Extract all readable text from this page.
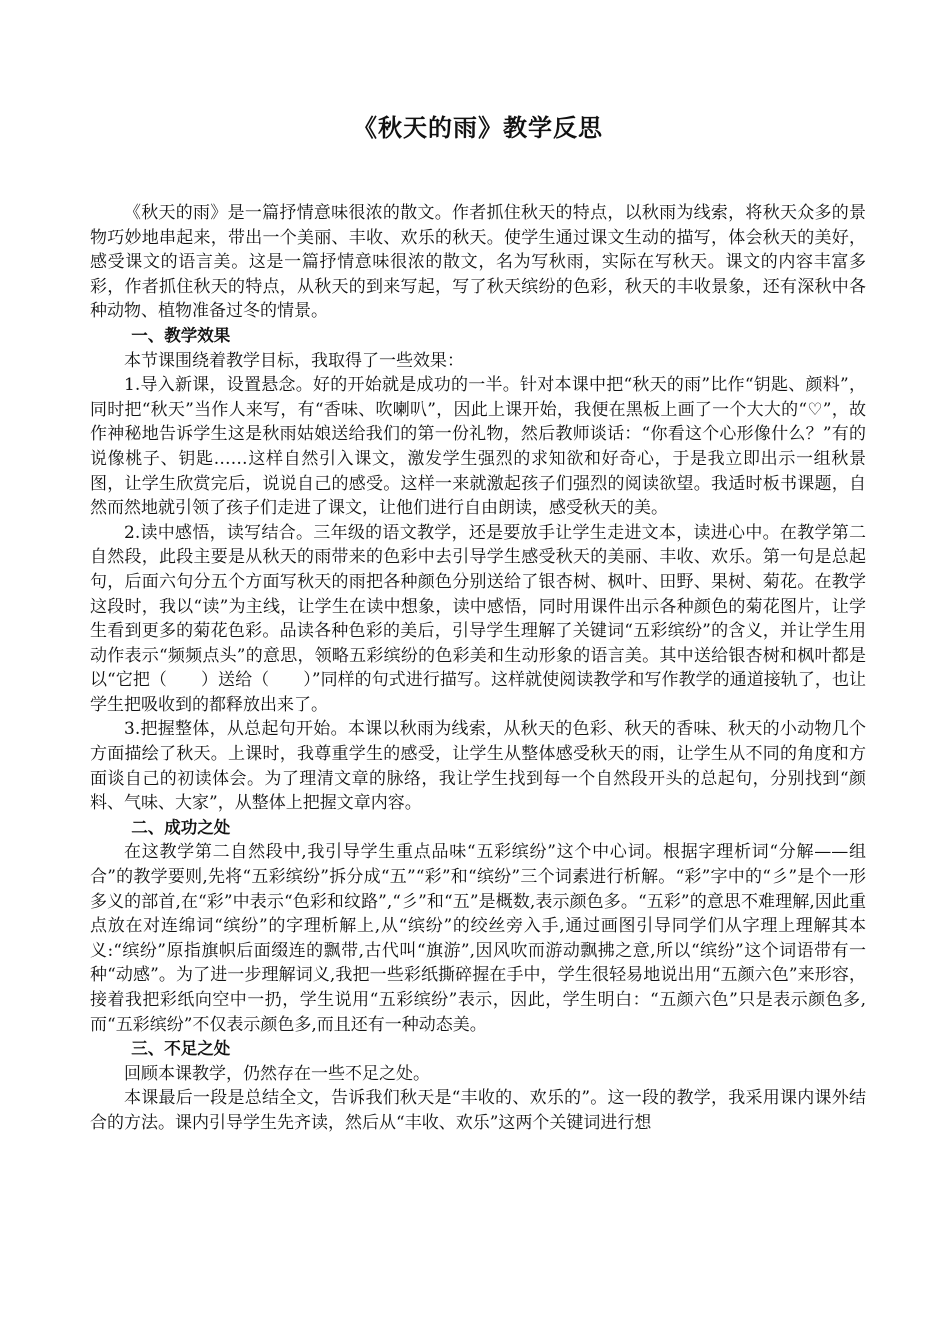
《秋天的雨》教学反思

《秋天的雨》是一篇抒情意味很浓的散文。作者抓住秋天的特点，以秋雨为线索，将秋天众多的景物巧妙地串起来，带出一个美丽、丰收、欢乐的秋天。使学生通过课文生动的描写，体会秋天的美好，感受课文的语言美。这是一篇抒情意味很浓的散文，名为写秋雨，实际在写秋天。课文的内容丰富多彩，作者抓住秋天的特点，从秋天的到来写起，写了秋天缤纷的色彩，秋天的丰收景象，还有深秋中各种动物、植物准备过冬的情景。

一、教学效果

本节课围绕着教学目标，我取得了一些效果：

1.导入新课，设置悬念。好的开始就是成功的一半。针对本课中把“秋天的雨”比作“钥匙、颜料”，同时把“秋天”当作人来写，有“香味、吹喇叭”，因此上课开始，我便在黑板上画了一个大大的“♡”，故作神秘地告诉学生这是秋雨姑娘送给我们的第一份礼物，然后教师谈话：“你看这个心形像什么？”有的说像桃子、钥匙……这样自然引入课文，激发学生强烈的求知欲和好奇心，于是我立即出示一组秋景图，让学生欣赏完后，说说自己的感受。这样一来就激起孩子们强烈的阅读欲望。我适时板书课题，自然而然地就引领了孩子们走进了课文，让他们进行自由朗读，感受秋天的美。

2.读中感悟，读写结合。三年级的语文教学，还是要放手让学生走进文本，读进心中。在教学第二自然段，此段主要是从秋天的雨带来的色彩中去引导学生感受秋天的美丽、丰收、欢乐。第一句是总起句，后面六句分五个方面写秋天的雨把各种颜色分别送给了银杏树、枫叶、田野、果树、菊花。在教学这段时，我以“读”为主线，让学生在读中想象，读中感悟，同时用课件出示各种颜色的菊花图片，让学生看到更多的菊花色彩。品读各种色彩的美后，引导学生理解了关键词“五彩缤纷”的含义，并让学生用动作表示“频频点头”的意思，领略五彩缤纷的色彩美和生动形象的语言美。其中送给银杏树和枫叶都是以“它把（　　）送给（　　）”同样的句式进行描写。这样就使阅读教学和写作教学的通道接轨了，也让学生把吸收到的都释放出来了。

3.把握整体，从总起句开始。本课以秋雨为线索，从秋天的色彩、秋天的香味、秋天的小动物几个方面描绘了秋天。上课时，我尊重学生的感受，让学生从整体感受秋天的雨，让学生从不同的角度和方面谈自己的初读体会。为了理清文章的脉络，我让学生找到每一个自然段开头的总起句，分别找到“颜料、气味、大家”，从整体上把握文章内容。

二、成功之处

在这教学第二自然段中,我引导学生重点品味“五彩缤纷”这个中心词。根据字理析词“分解——组合”的教学要则,先将“五彩缤纷”拆分成“五”“彩”和“缤纷”三个词素进行析解。“彩”字中的“彡”是个一形多义的部首,在“彩”中表示“色彩和纹路”,“彡”和“五”是概数,表示颜色多。“五彩”的意思不难理解,因此重点放在对连绵词“缤纷”的字理析解上,从“缤纷”的绞丝旁入手,通过画图引导同学们从字理上理解其本义:“缤纷”原指旗帜后面缀连的飘带,古代叫“旗游”,因风吹而游动飘拂之意,所以“缤纷”这个词语带有一种“动感”。为了进一步理解词义,我把一些彩纸撕碎握在手中，学生很轻易地说出用“五颜六色”来形容，接着我把彩纸向空中一扔，学生说用“五彩缤纷”表示，因此，学生明白：“五颜六色”只是表示颜色多,而“五彩缤纷”不仅表示颜色多,而且还有一种动态美。

三、不足之处

回顾本课教学，仍然存在一些不足之处。

本课最后一段是总结全文，告诉我们秋天是“丰收的、欢乐的”。这一段的教学，我采用课内课外结合的方法。课内引导学生先齐读，然后从“丰收、欢乐”这两个关键词进行想
